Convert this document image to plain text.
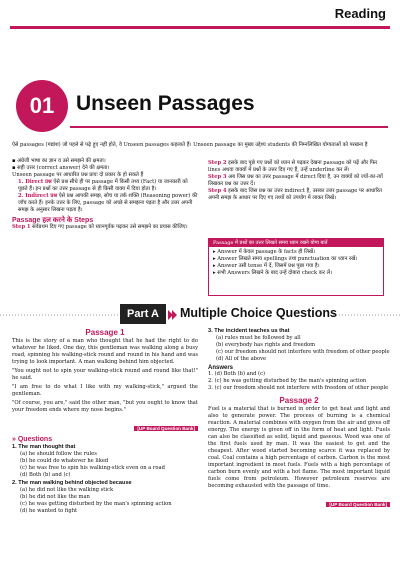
Reading
01	Unseen Passages
ऐसे passages (गद्यांश) जो पहले से पढ़े हुए नहीं होते, वे Unseen passages कहलाते हैं। Unseen passage का मुख्य उद्देश्य students की निम्नलिखित योग्यताओं को परखना है
▪ अंग्रेजी भाषा का ज्ञान व उसे समझने की क्षमता।
▪ सही उत्तर (correct answer) देने की क्षमता।
Unseen passage पर आधारित प्रश्न प्रायः दो प्रकार के हो सकते हैं
1. Direct प्रश्न ऐसे प्रश्न सीधे ही पर passage में किसी तथ्य (Fact) या जानकारी को पूछते हैं। इन प्रश्नों का उत्तर passage से ही किसी वाक्य में दिया होता है।
2. Indirect प्रश्न ऐसे प्रश्न आपकी समझ, सोच या तर्क शक्ति (Reasoning power) की जाँच करते हैं। इनके उत्तर के लिए, passage को अच्छे से समझना पड़ता है और उत्तर अपनी समझ के अनुसार लिखना पड़ता है।
Passage हल करने के Steps
Step 1 सर्वप्रथम दिए गए passage को ध्यानपूर्वक पढ़कर उसे समझने का प्रयास कीजिए।
Step 2 इसके बाद पूछे गए प्रश्नों को ध्यान से पढ़कर देखना passage को पढ़ें और फिर lines अथवा वाक्यों में प्रश्नों के उत्तर दिए गए हैं, उन्हें underline कर लें।
Step 3 अब जिस प्रश्न का उत्तर passage में direct दिया है, उन वाक्यों को ज्यों-का-त्यों लिखकर प्रश्न का उत्तर दें।
Step 4 इसके बाद जिस प्रश्न का उत्तर indirect है, उसका उत्तर passage पर आधारित अपनी समझ के आधार पर दिए गए तथ्यों को उपयोग में लाकर लिखें।
Passage में प्रश्नों का उत्तर लिखते समय ध्यान रखने योग्य बातें
▸ Answer में केवल passage के facts ही लिखें।
▸ Answer लिखते समय spellings तथा punctuation का ध्यान रखें।
▸ Answer उसी tense में दें, जिसमें प्रश्न पूछा गया है।
▸ सभी Answers लिखने के बाद उन्हें दोबारा check कर लें।
Part A	Multiple Choice Questions
Passage 1

This is the story of a man who thought that he had the right to do whatever he liked. One day, this gentleman was walking along a busy road, spinning his walking-stick round and round in his hand and was trying to look important. A man walking behind him objected.

"You ought not to spin your walking-stick round and round like that!" he said.

"I am free to do what I like with my walking-stick," argued the gentleman.

"Of course, you are," said the other man, "but you ought to know that your freedom ends where my nose begins."

[UP Board Question Bank]
» Questions
1. The man thought that
(a) he should follow the rules
(b) he could do whatever he liked
(c) he was free to spin his walking-stick even on a road
(d) Both (b) and (c)
2. The man walking behind objected because
(a) he did not like the walking stick
(b) he did not like the man
(c) he was getting disturbed by the man's spinning action
(d) he wanted to fight
3. The incident teaches us that
(a) rules must be followed by all
(b) everybody has rights and freedom
(c) our freedom should not interfere with freedom of other people
(d) All of the above
Answers
1. (d) Both (b) and (c)
2. (c) he was getting disturbed by the man's spinning action
3. (c) our freedom should not interfere with freedom of other people
Passage 2
Fuel is a material that is burned in order to get heat and light and also to generate power. The process of burning is a chemical reaction. A material combines with oxygen from the air and gives off energy. The energy is given off in the form of heat and light. Fuels can also be classified as solid, liquid and gaseous. Wood was one of the first fuels used by man. It was the easiest to get and the cheapest. After wood started becoming scarce it was replaced by coal. Coal contains a high percentage of carbon. Carbon is the most important ingredient in most fuels. Fuels with a high percentage of carbon burn evenly and with a hot flame. The most important liquid fuels come from petroleum. However petroleum reserves are becoming exhausted with the passage of time.
[UP Board Question Bank]
